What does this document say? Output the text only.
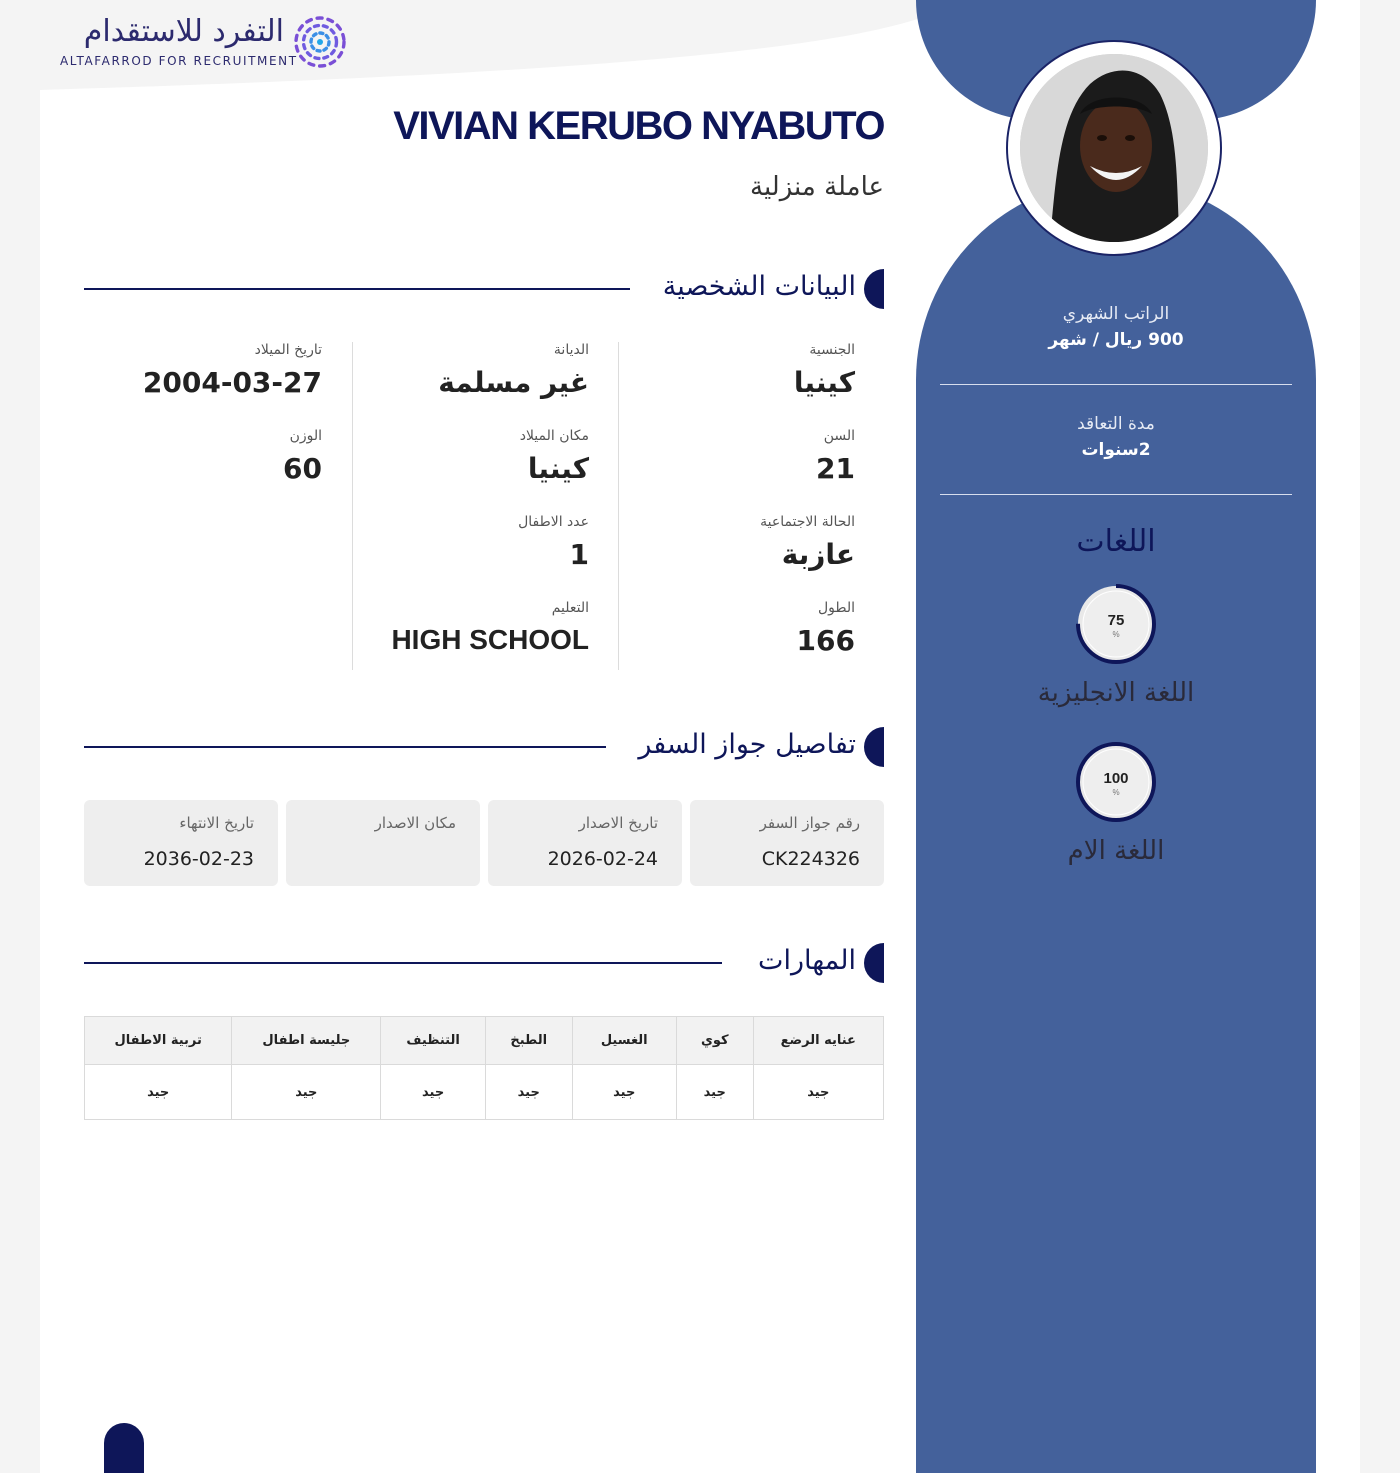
التفرد للاستقدام
ALTAFARROD FOR RECRUITMENT
الراتب الشهري
900 ريال / شهر
مدة التعاقد
2سنوات
اللغات
75
%
اللغة الانجليزية
100
%
اللغة الام
VIVIAN KERUBO NYABUTO
عاملة منزلية
البيانات الشخصية
الجنسية
كينيا
السن
21
الحالة الاجتماعية
عازبة
الطول
166
الديانة
غير مسلمة
مكان الميلاد
كينيا
عدد الاطفال
1
التعليم
HIGH SCHOOL
تاريخ الميلاد
2004-03-27
الوزن
60
تفاصيل جواز السفر
رقم جواز السفر
CK224326
تاريخ الاصدار
2026-02-24
مكان الاصدار
تاريخ الانتهاء
2036-02-23
المهارات
عنايه الرضع	كوي	الغسيل	الطبخ	التنظيف	جليسة اطفال	تربية الاطفال
جيد	جيد	جيد	جيد	جيد	جيد	جيد
